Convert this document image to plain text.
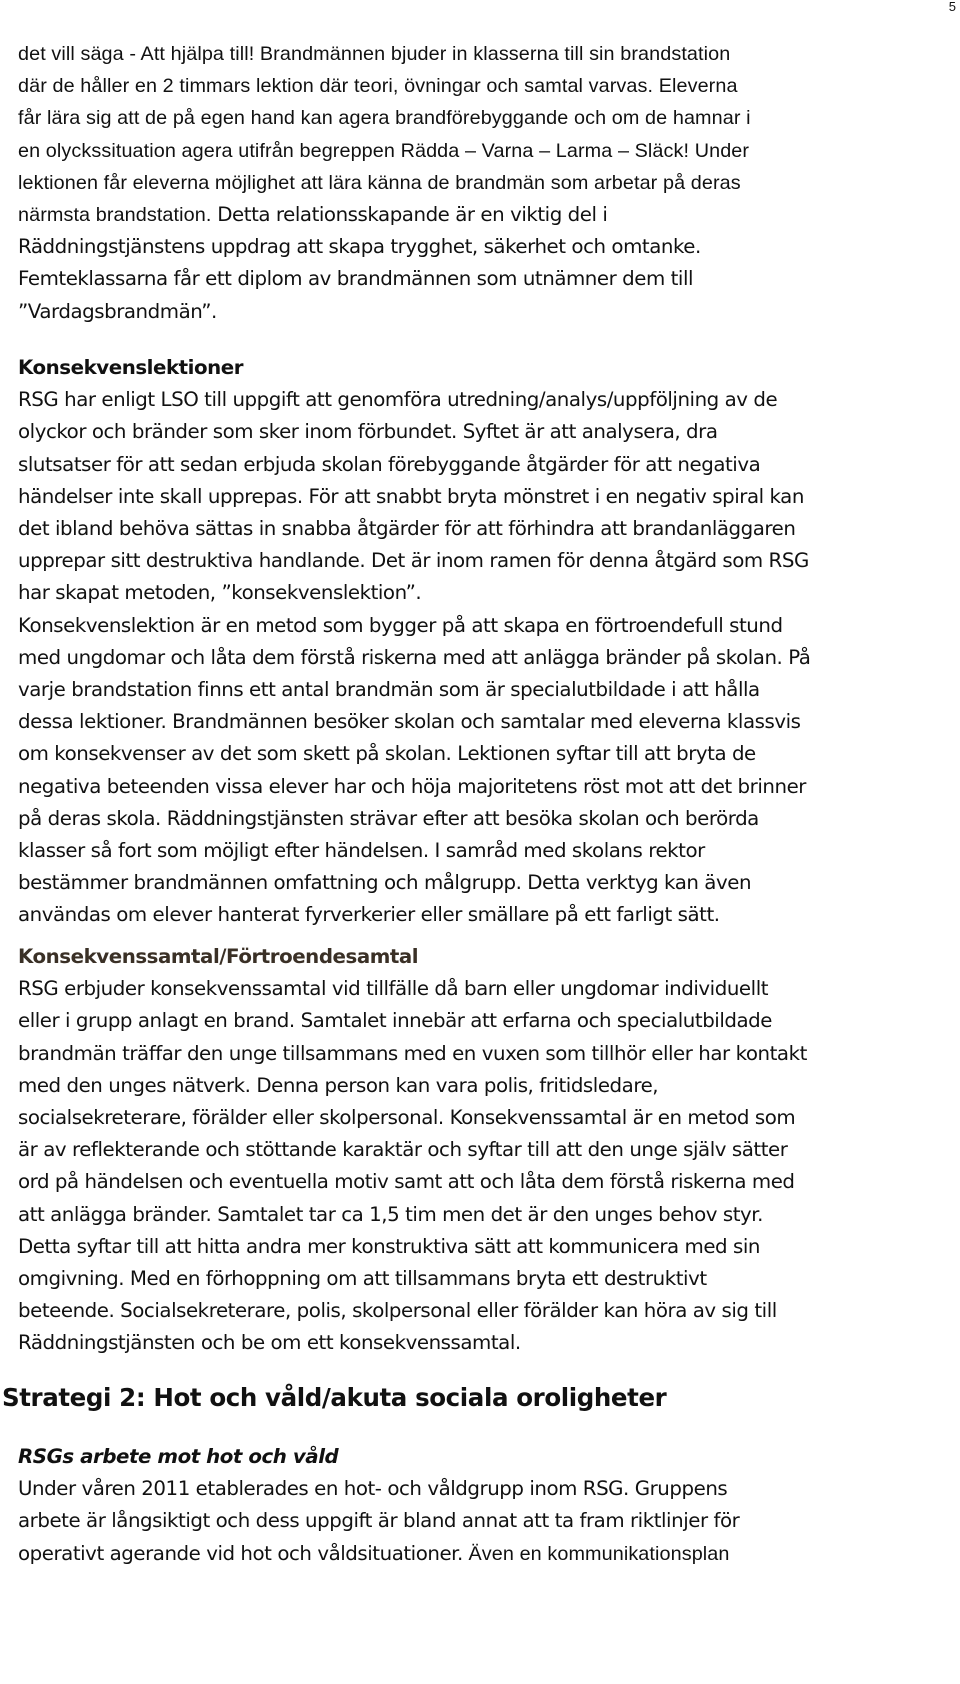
5
det vill säga - Att hjälpa till! Brandmännen bjuder in klasserna till sin brandstation
där de håller en 2 timmars lektion där teori, övningar och samtal varvas. Eleverna
får lära sig att de på egen hand kan agera brandförebyggande och om de hamnar i
en olyckssituation agera utifrån begreppen Rädda – Varna – Larma – Släck! Under
lektionen får eleverna möjlighet att lära känna de brandmän som arbetar på deras
närmsta brandstation. Detta relationsskapande är en viktig del i
Räddningstjänstens uppdrag att skapa trygghet, säkerhet och omtanke.
Femteklassarna får ett diplom av brandmännen som utnämner dem till
”Vardagsbrandmän”.
Konsekvenslektioner
RSG har enligt LSO till uppgift att genomföra utredning/analys/uppföljning av de
olyckor och bränder som sker inom förbundet. Syftet är att analysera, dra
slutsatser för att sedan erbjuda skolan förebyggande åtgärder för att negativa
händelser inte skall upprepas. För att snabbt bryta mönstret i en negativ spiral kan
det ibland behöva sättas in snabba åtgärder för att förhindra att brandanläggaren
upprepar sitt destruktiva handlande. Det är inom ramen för denna åtgärd som RSG
har skapat metoden, ”konsekvenslektion”.
Konsekvenslektion är en metod som bygger på att skapa en förtroendefull stund
med ungdomar och låta dem förstå riskerna med att anlägga bränder på skolan. På
varje brandstation finns ett antal brandmän som är specialutbildade i att hålla
dessa lektioner. Brandmännen besöker skolan och samtalar med eleverna klassvis
om konsekvenser av det som skett på skolan. Lektionen syftar till att bryta de
negativa beteenden vissa elever har och höja majoritetens röst mot att det brinner
på deras skola. Räddningstjänsten strävar efter att besöka skolan och berörda
klasser så fort som möjligt efter händelsen. I samråd med skolans rektor
bestämmer brandmännen omfattning och målgrupp. Detta verktyg kan även
användas om elever hanterat fyrverkerier eller smällare på ett farligt sätt.
Konsekvenssamtal/Förtroendesamtal
RSG erbjuder konsekvenssamtal vid tillfälle då barn eller ungdomar individuellt
eller i grupp anlagt en brand. Samtalet innebär att erfarna och specialutbildade
brandmän träffar den unge tillsammans med en vuxen som tillhör eller har kontakt
med den unges nätverk. Denna person kan vara polis, fritidsledare,
socialsekreterare, förälder eller skolpersonal. Konsekvenssamtal är en metod som
är av reflekterande och stöttande karaktär och syftar till att den unge själv sätter
ord på händelsen och eventuella motiv samt att och låta dem förstå riskerna med
att anlägga bränder. Samtalet tar ca 1,5 tim men det är den unges behov styr.
Detta syftar till att hitta andra mer konstruktiva sätt att kommunicera med sin
omgivning. Med en förhoppning om att tillsammans bryta ett destruktivt
beteende. Socialsekreterare, polis, skolpersonal eller förälder kan höra av sig till
Räddningstjänsten och be om ett konsekvenssamtal.
Strategi 2: Hot och våld/akuta sociala oroligheter
RSGs arbete mot hot och våld
Under våren 2011 etablerades en hot- och våldgrupp inom RSG. Gruppens
arbete är långsiktigt och dess uppgift är bland annat att ta fram riktlinjer för
operativt agerande vid hot och våldsituationer. Även en kommunikationsplan
